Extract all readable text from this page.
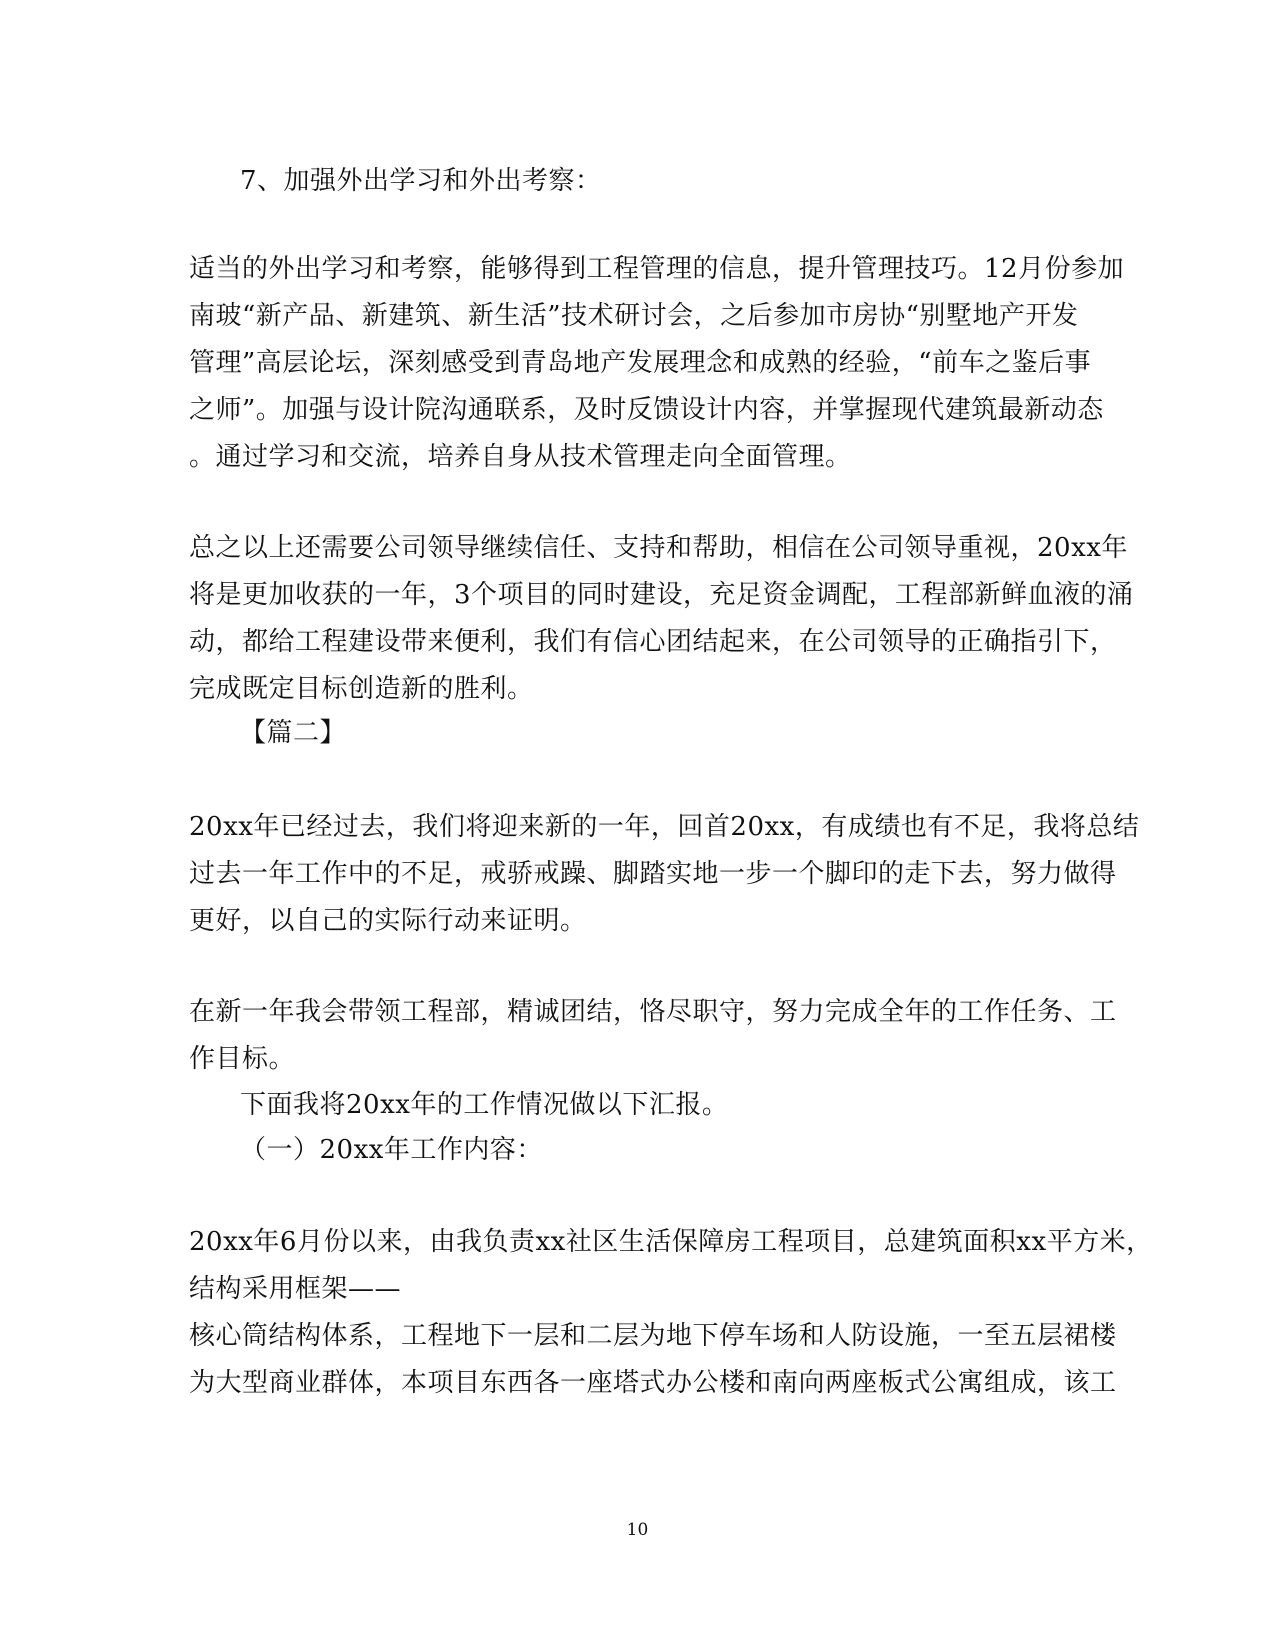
7、加强外出学习和外出考察：
适当的外出学习和考察，能够得到工程管理的信息，提升管理技巧。12月份参加
南玻“新产品、新建筑、新生活”技术研讨会，之后参加市房协“别墅地产开发
管理”高层论坛，深刻感受到青岛地产发展理念和成熟的经验，“前车之鉴后事
之师”。加强与设计院沟通联系，及时反馈设计内容，并掌握现代建筑最新动态
。通过学习和交流，培养自身从技术管理走向全面管理。
总之以上还需要公司领导继续信任、支持和帮助，相信在公司领导重视，20xx年
将是更加收获的一年，3个项目的同时建设，充足资金调配，工程部新鲜血液的涌
动，都给工程建设带来便利，我们有信心团结起来，在公司领导的正确指引下，
完成既定目标创造新的胜利。
【篇二】
20xx年已经过去，我们将迎来新的一年，回首20xx，有成绩也有不足，我将总结
过去一年工作中的不足，戒骄戒躁、脚踏实地一步一个脚印的走下去，努力做得
更好，以自己的实际行动来证明。
在新一年我会带领工程部，精诚团结，恪尽职守，努力完成全年的工作任务、工
作目标。
下面我将20xx年的工作情况做以下汇报。
（一）20xx年工作内容：
20xx年6月份以来，由我负责xx社区生活保障房工程项目，总建筑面积xx平方米，
结构采用框架——
核心筒结构体系，工程地下一层和二层为地下停车场和人防设施，一至五层裙楼
为大型商业群体，本项目东西各一座塔式办公楼和南向两座板式公寓组成，该工
10
